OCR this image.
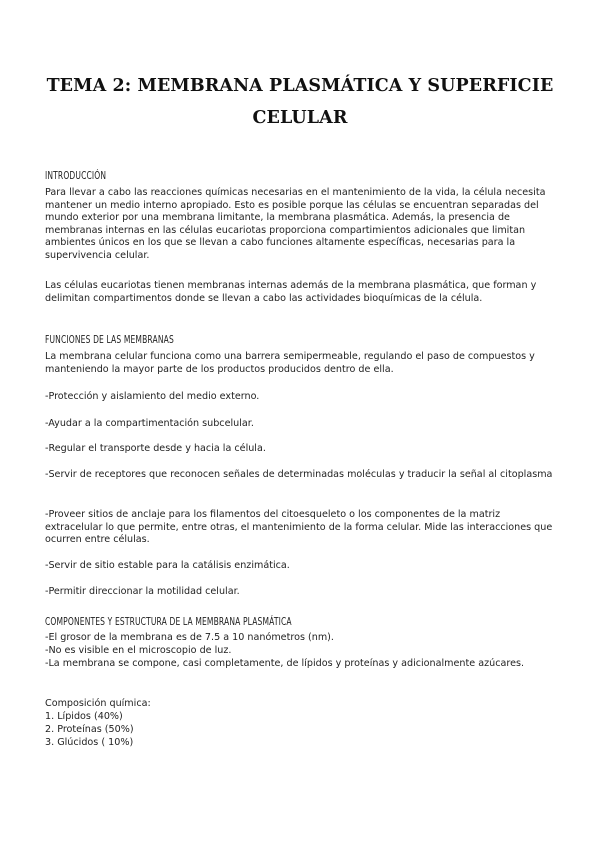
TEMA 2: MEMBRANA PLASMÁTICA Y SUPERFICIE
CELULAR
INTRODUCCIÓN

Para llevar a cabo las reacciones químicas necesarias en el mantenimiento de la vida, la célula necesita mantener un medio interno apropiado. Esto es posible porque las células se encuentran separadas del mundo exterior por una membrana limitante, la membrana plasmática. Además, la presencia de membranas internas en las células eucariotas proporciona compartimientos adicionales que limitan ambientes únicos en los que se llevan a cabo funciones altamente específicas, necesarias para la supervivencia celular.

Las células eucariotas tienen membranas internas además de la membrana plasmática, que forman y delimitan compartimentos donde se llevan a cabo las actividades bioquímicas de la célula.

FUNCIONES DE LAS MEMBRANAS

La membrana celular funciona como una barrera semipermeable, regulando el paso de compuestos y manteniendo la mayor parte de los productos producidos dentro de ella.

-Protección y aislamiento del medio externo.

-Ayudar a la compartimentación subcelular.

-Regular el transporte desde y hacia la célula.

-Servir de receptores que reconocen señales de determinadas moléculas y traducir la señal al citoplasma

-Proveer sitios de anclaje para los filamentos del citoesqueleto o los componentes de la matriz extracelular lo que permite, entre otras, el mantenimiento de la forma celular. Mide las interacciones que ocurren entre células.

-Servir de sitio estable para la catálisis enzimática.

-Permitir direccionar la motilidad celular.

COMPONENTES Y ESTRUCTURA DE LA MEMBRANA PLASMÁTICA

-El grosor de la membrana es de 7.5 a 10 nanómetros (nm).

-No es visible en el microscopio de luz.

-La membrana se compone, casi completamente, de lípidos y proteínas y adicionalmente azúcares.

Composición química:
1. Lípidos (40%)
2. Proteínas (50%)
3. Glúcidos ( 10%)
